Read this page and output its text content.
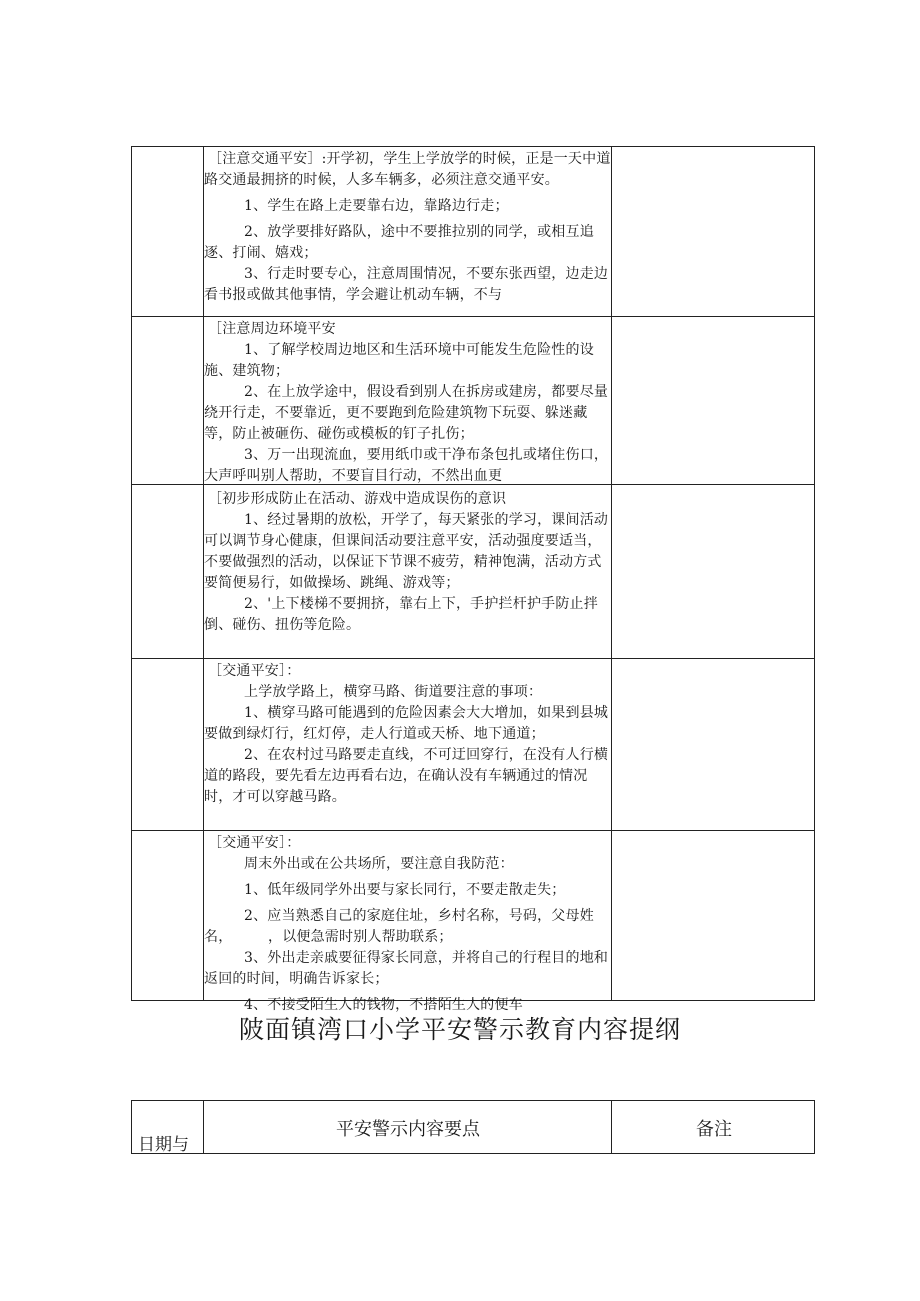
［注意交通平安］:开学初，学生上学放学的时候，正是一天中道路交通最拥挤的时候，人多车辆多，必须注意交通平安。

1、学生在路上走要靠右边，靠路边行走；

2、放学要排好路队，途中不要推拉别的同学，或相互追逐、打闹、嬉戏；

3、行走时要专心，注意周围情况，不要东张西望，边走边看书报或做其他事情，学会避让机动车辆，不与

［注意周边环境平安

1、了解学校周边地区和生活环境中可能发生危险性的设施、建筑物；

2、在上放学途中，假设看到别人在拆房或建房，都要尽量绕开行走，不要靠近，更不要跑到危险建筑物下玩耍、躲迷藏等，防止被砸伤、碰伤或模板的钉子扎伤；

3、万一出现流血，要用纸巾或干净布条包扎或堵住伤口，大声呼叫别人帮助，不要盲目行动，不然出血更

［初步形成防止在活动、游戏中造成误伤的意识

1、经过暑期的放松，开学了，每天紧张的学习，课间活动可以调节身心健康，但课间活动要注意平安，活动强度要适当，不要做强烈的活动，以保证下节课不疲劳，精神饱满，活动方式要简便易行，如做操场、跳绳、游戏等；

2、'上下楼梯不要拥挤，靠右上下，手护拦杆护手防止拌倒、碰伤、扭伤等危险。

［交通平安］：

上学放学路上，横穿马路、街道要注意的事项：

1、横穿马路可能遇到的危险因素会大大增加，如果到县城要做到绿灯行，红灯停，走人行道或天桥、地下通道；

2、在农村过马路要走直线，不可迂回穿行，在没有人行横道的路段，要先看左边再看右边，在确认没有车辆通过的情况时，才可以穿越马路。

［交通平安］：

周末外出或在公共场所，要注意自我防范：

1、低年级同学外出要与家长同行，不要走散走失；

2、应当熟悉自己的家庭住址，乡村名称，号码，父母姓名，　　　，以便急需时别人帮助联系；

3、外出走亲戚要征得家长同意，并将自己的行程目的地和返回的时间，明确告诉家长；

4、不接受陌生人的钱物，不搭陌生人的便车

陂面镇湾口小学平安警示教育内容提纲
日期与
平安警示内容要点	备注
